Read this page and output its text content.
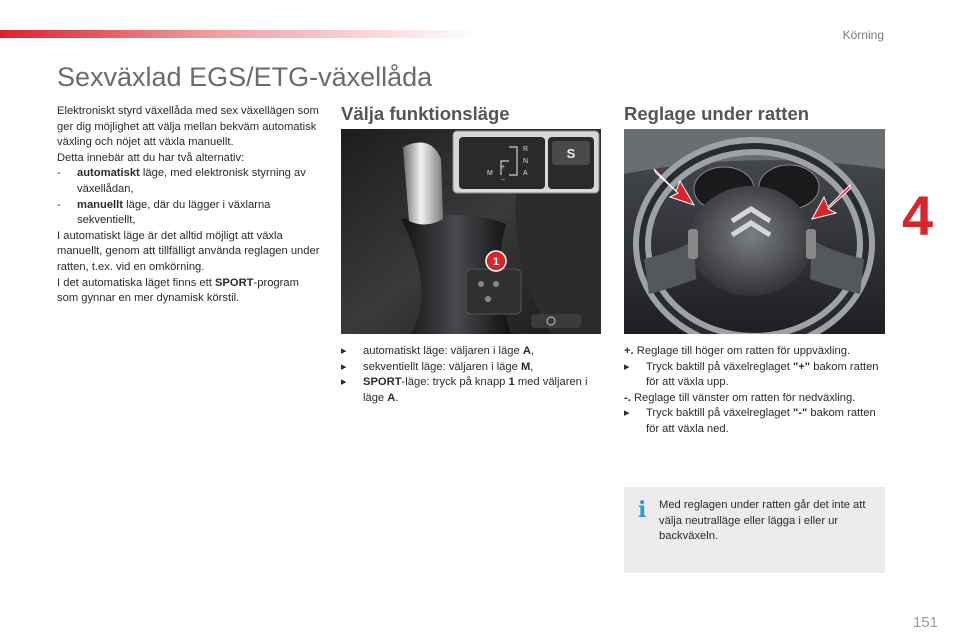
Körning
4
Sexväxlad EGS/ETG-växellåda

Elektroniskt styrd växellåda med sex växellägen som ger dig möjlighet att välja mellan bekväm automatisk växling och nöjet att växla manuellt.

Detta innebär att du har två alternativ:

- automatiskt läge, med elektronisk styrning av växellådan,

- manuellt läge, där du lägger i växlarna sekventiellt,

I automatiskt läge är det alltid möjligt att växla manuellt, genom att tillfälligt använda reglagen under ratten, t.ex. vid en omkörning.

I det automatiska läget finns ett SPORT-program som gynnar en mer dynamisk körstil.

Välja funktionsläge
S
R
N
A
M
+
–
1
▸ automatiskt läge: väljaren i läge A,
▸ sekventiellt läge: väljaren i läge M,
▸ SPORT-läge: tryck på knapp 1 med väljaren i läge A.
Reglage under ratten
+. Reglage till höger om ratten för uppväxling.
▸ Tryck baktill på växelreglaget "+" bakom ratten för att växla upp.
-. Reglage till vänster om ratten för nedväxling.
▸ Tryck baktill på växelreglaget "-" bakom ratten för att växla ned.
i Med reglagen under ratten går det inte att välja neutralläge eller lägga i eller ur backväxeln.
151
